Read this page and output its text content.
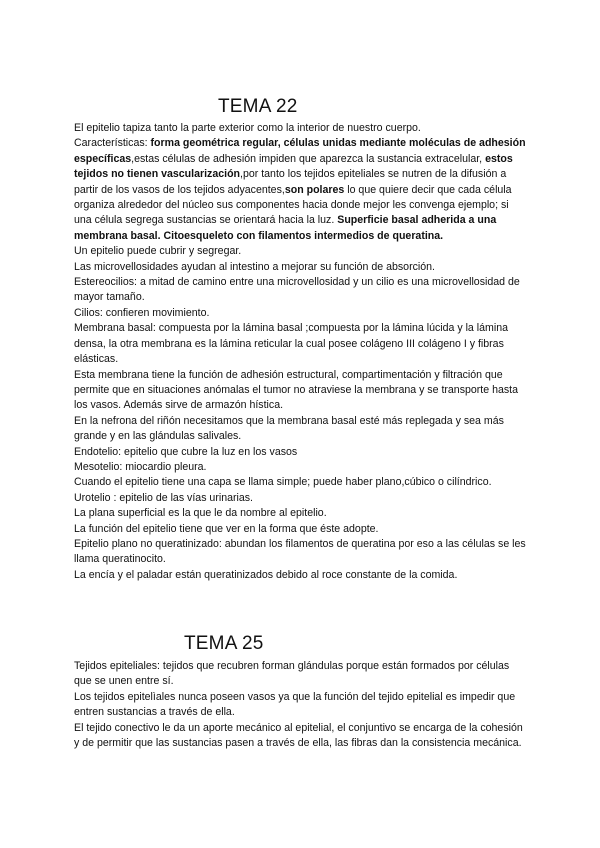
TEMA 22

El epitelio tapiza tanto la parte exterior como la interior de nuestro cuerpo.

Características: forma geométrica regular, células unidas mediante moléculas de adhesión específicas,estas células de adhesión impiden que aparezca la sustancia extracelular, estos tejidos no tienen vascularización,por tanto los tejidos epiteliales se nutren de la difusión a partir de los vasos de los tejidos adyacentes,son polares lo que quiere decir que cada célula organiza alrededor del núcleo sus componentes hacia donde mejor les convenga ejemplo; si una célula segrega sustancias se orientará hacia la luz. Superficie basal adherida a una membrana basal. Citoesqueleto con filamentos intermedios de queratina.

Un epitelio puede cubrir y segregar.

Las microvellosidades ayudan al intestino a mejorar su función de absorción.

Estereocilios: a mitad de camino entre una microvellosidad y un cilio es una microvellosidad de mayor tamaño.

Cilios: confieren movimiento.

Membrana basal: compuesta por la lámina basal ;compuesta por la lámina lúcida y la lámina densa, la otra membrana es la lámina reticular la cual posee colágeno III colágeno I y fibras elásticas.

Esta membrana tiene la función de adhesión estructural, compartimentación y filtración que permite que en situaciones anómalas el tumor no atraviese la membrana y se transporte hasta los vasos. Además sirve de armazón hística.

En la nefrona del riñón necesitamos que la membrana basal esté más replegada y sea más grande y en las glándulas salivales.

Endotelio: epitelio que cubre la luz en los vasos

Mesotelio: miocardio pleura.

Cuando el epitelio tiene una capa se llama simple; puede haber plano,cúbico o cilíndrico.

Urotelio : epitelio de las vías urinarias.

La plana superficial es la que le da nombre al epitelio.

La función del epitelio tiene que ver en la forma que éste adopte.

Epitelio plano no queratinizado: abundan los filamentos de queratina por eso a las células se les llama queratinocito.

La encía y el paladar están queratinizados debido al roce constante de la comida.

TEMA 25

Tejidos epiteliales: tejidos que recubren forman glándulas porque están formados por células que se unen entre sí.

Los tejidos epitelìales nunca poseen vasos ya que la función del tejido epitelial es impedir que entren sustancias a través de ella.

El tejido conectivo le da un aporte mecánico al epitelial, el conjuntivo se encarga de la cohesión y de permitir que las sustancias pasen a través de ella, las fibras dan la consistencia mecánica.
